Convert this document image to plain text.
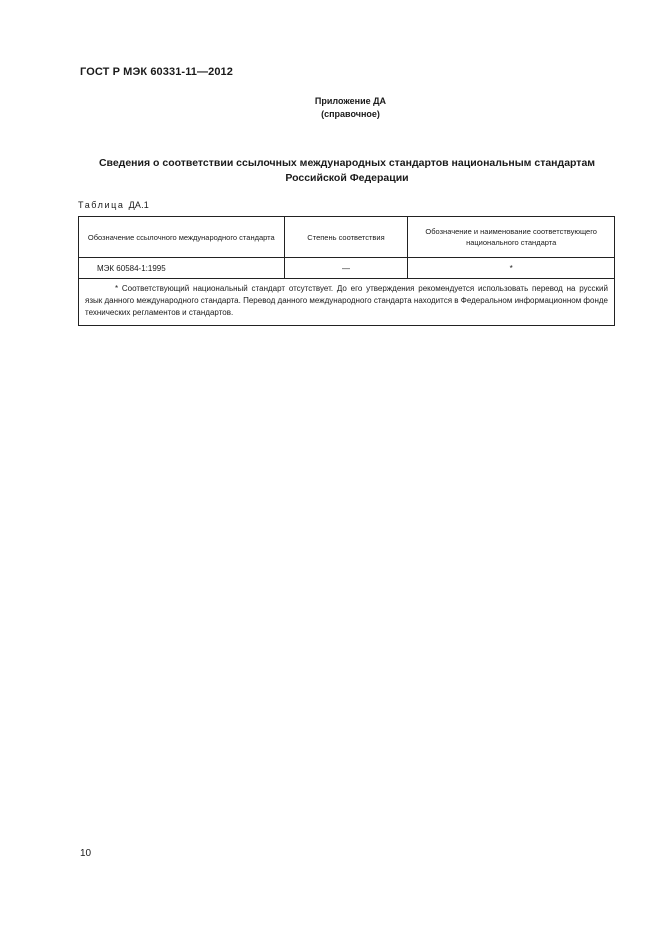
ГОСТ Р МЭК 60331-11—2012
Приложение ДА
(справочное)
Сведения о соответствии ссылочных международных стандартов национальным стандартам
Российской Федерации
Таблица ДА.1
Обозначение ссылочного международного стандарта	Степень соответствия	Обозначение и наименование соответствующего национального стандарта
МЭК 60584-1:1995	—	*
* Соответствующий национальный стандарт отсутствует. До его утверждения рекомендуется использовать перевод на русский язык данного международного стандарта. Перевод данного международного стандарта находится в Федеральном информационном фонде технических регламентов и стандартов.		
10
